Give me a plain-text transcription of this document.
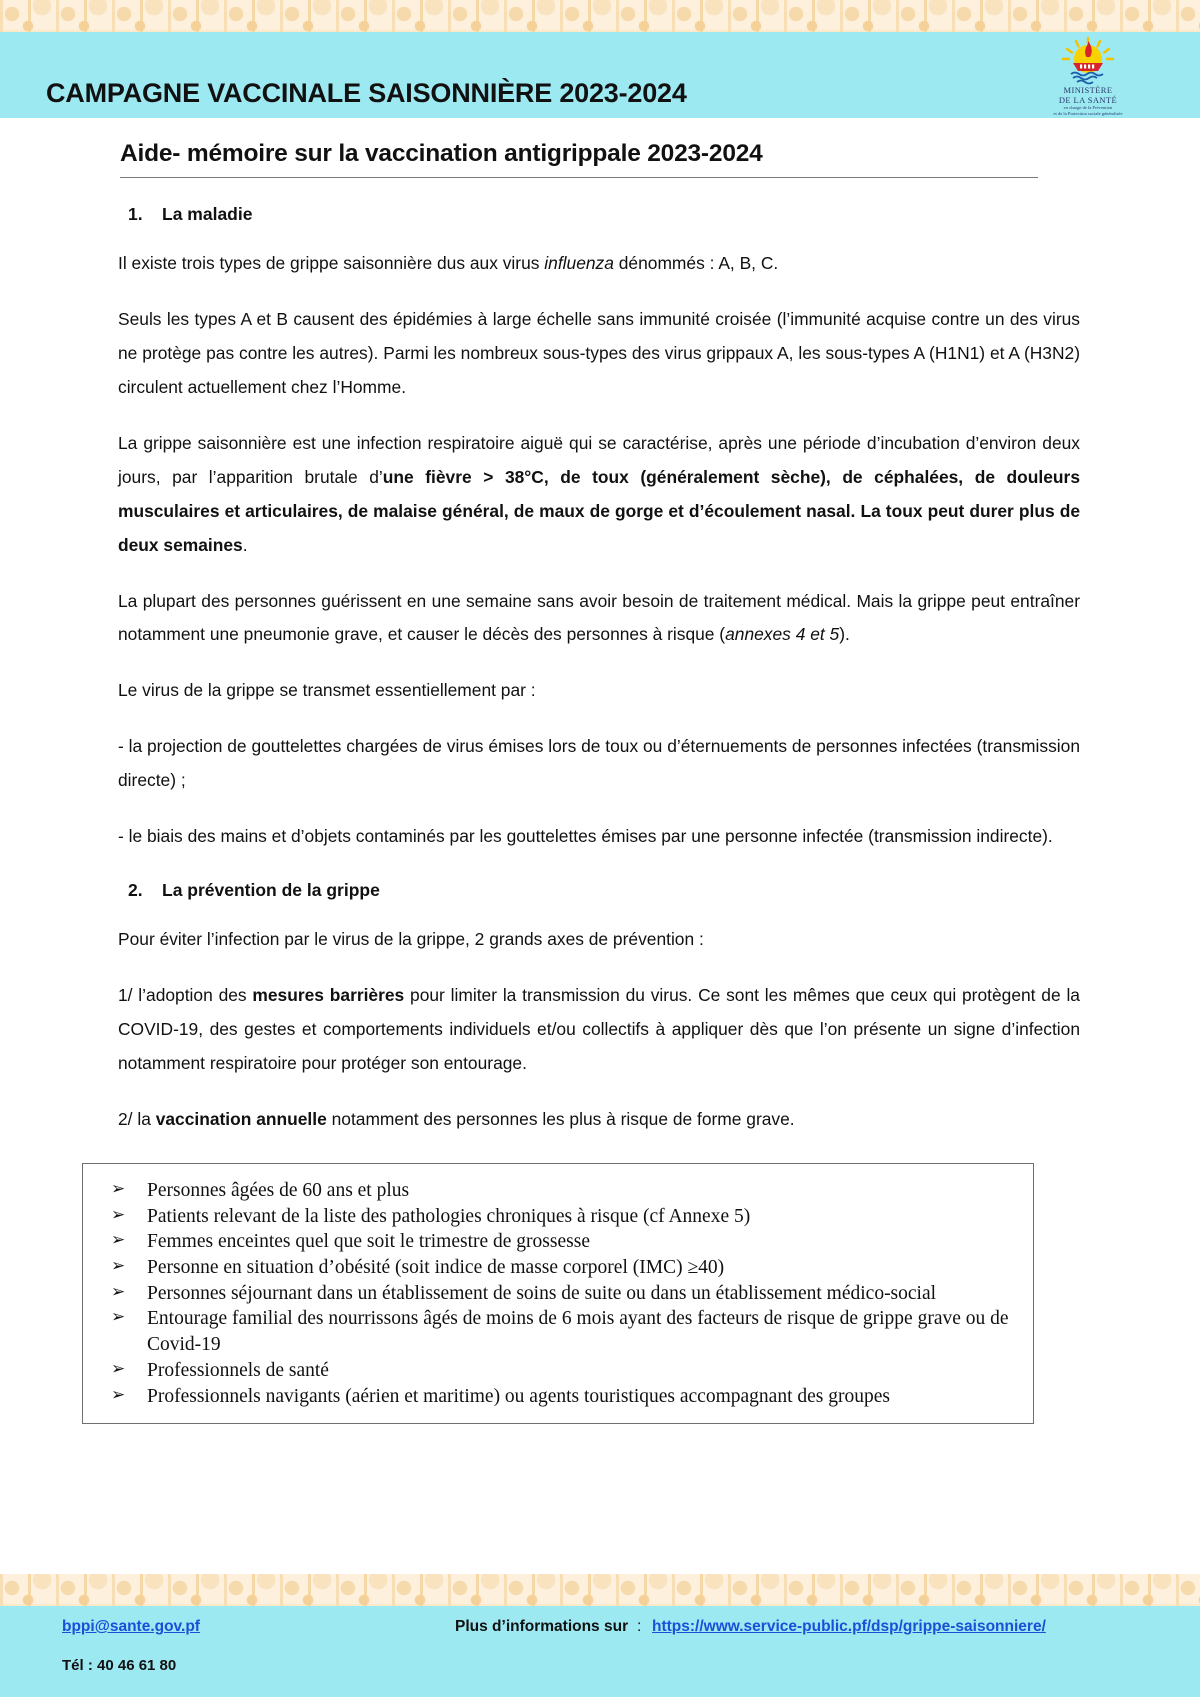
CAMPAGNE VACCINALE SAISONNIÈRE 2023-2024	MINISTÈRE
DE LA SANTÉ
en charge de la Prévention
et de la Protection sociale généralisée
Aide- mémoire sur la vaccination antigrippale 2023-2024
1. La maladie

Il existe trois types de grippe saisonnière dus aux virus influenza dénommés : A, B, C.

Seuls les types A et B causent des épidémies à large échelle sans immunité croisée (l’immunité acquise contre un des virus ne protège pas contre les autres). Parmi les nombreux sous-types des virus grippaux A, les sous-types A (H1N1) et A (H3N2) circulent actuellement chez l’Homme.

La grippe saisonnière est une infection respiratoire aiguë qui se caractérise, après une période d’incubation d’environ deux jours, par l’apparition brutale d’une fièvre > 38°C, de toux (généralement sèche), de céphalées, de douleurs musculaires et articulaires, de malaise général, de maux de gorge et d’écoulement nasal. La toux peut durer plus de deux semaines.

La plupart des personnes guérissent en une semaine sans avoir besoin de traitement médical. Mais la grippe peut entraîner notamment une pneumonie grave, et causer le décès des personnes à risque (annexes 4 et 5).

Le virus de la grippe se transmet essentiellement par :

- la projection de gouttelettes chargées de virus émises lors de toux ou d’éternuements de personnes infectées (transmission directe) ;

- le biais des mains et d’objets contaminés par les gouttelettes émises par une personne infectée (transmission indirecte).

2. La prévention de la grippe

Pour éviter l’infection par le virus de la grippe, 2 grands axes de prévention :

1/ l’adoption des mesures barrières pour limiter la transmission du virus. Ce sont les mêmes que ceux qui protègent de la COVID-19, des gestes et comportements individuels et/ou collectifs à appliquer dès que l’on présente un signe d’infection notamment respiratoire pour protéger son entourage.

2/ la vaccination annuelle notamment des personnes les plus à risque de forme grave.

➢ Personnes âgées de 60 ans et plus
➢ Patients relevant de la liste des pathologies chroniques à risque (cf Annexe 5)
➢ Femmes enceintes quel que soit le trimestre de grossesse
➢ Personne en situation d’obésité (soit indice de masse corporel (IMC) ≥40)
➢ Personnes séjournant dans un établissement de soins de suite ou dans un établissement médico-social
➢ Entourage familial des nourrissons âgés de moins de 6 mois ayant des facteurs de risque de grippe grave ou de Covid-19
➢ Professionnels de santé
➢ Professionnels navigants (aérien et maritime) ou agents touristiques accompagnant des groupes
bppi@sante.gov.pf
Tél : 40 46 61 80
Plus d’informations sur : https://www.service-public.pf/dsp/grippe-saisonniere/
